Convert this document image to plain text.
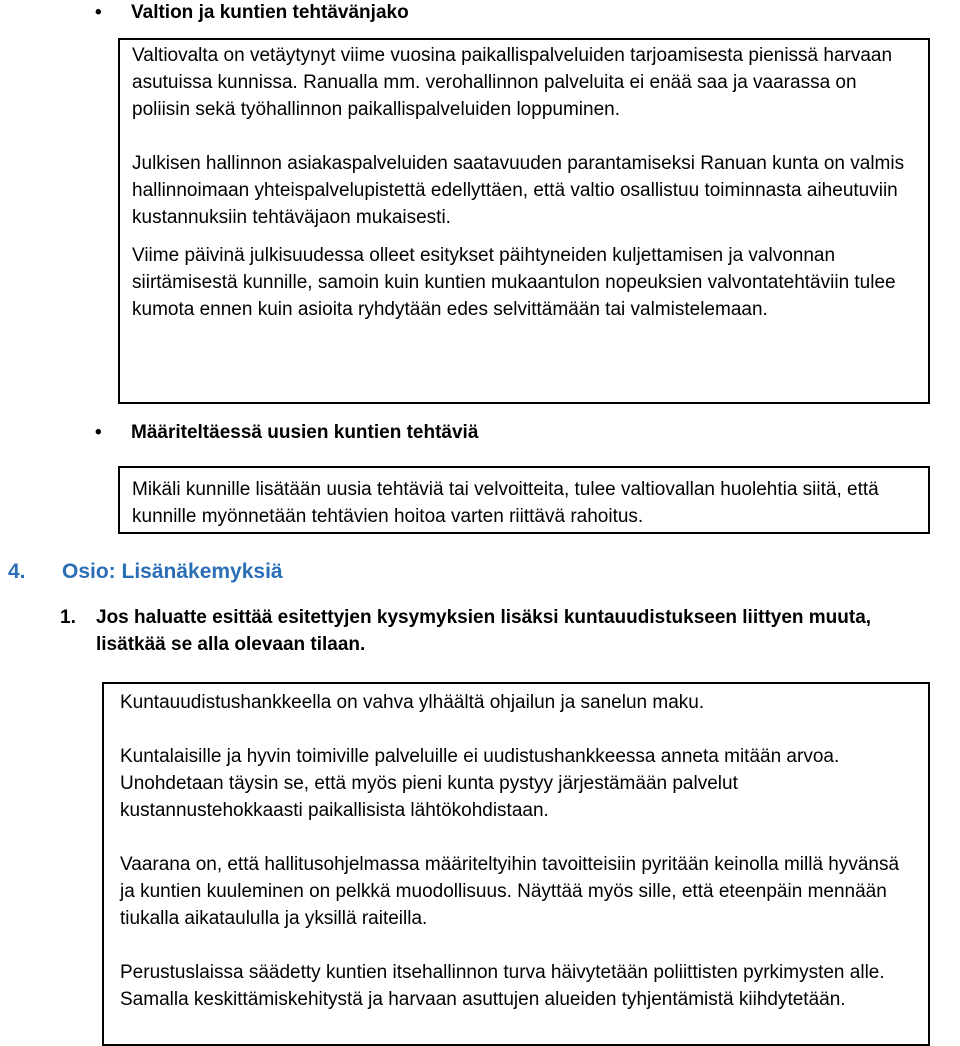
•	Valtion ja kuntien tehtävänjako

Valtiovalta on vetäytynyt viime vuosina paikallispalveluiden tarjoamisesta pienissä harvaan asutuissa kunnissa. Ranualla mm. verohallinnon palveluita ei enää saa ja vaarassa on poliisin sekä työhallinnon paikallispalveluiden loppuminen.

Julkisen hallinnon asiakaspalveluiden saatavuuden parantamiseksi Ranuan kunta on valmis hallinnoimaan yhteispalvelupistettä edellyttäen, että valtio osallistuu toiminnasta aiheutuviin kustannuksiin tehtäväjaon mukaisesti.

Viime päivinä julkisuudessa olleet esitykset päihtyneiden kuljettamisen ja valvonnan siirtämisestä kunnille, samoin kuin kuntien mukaantulon nopeuksien valvontatehtäviin tulee kumota ennen kuin asioita ryhdytään edes selvittämään tai valmistelemaan.

•	Määriteltäessä uusien kuntien tehtäviä

Mikäli kunnille lisätään uusia tehtäviä tai velvoitteita, tulee valtiovallan huolehtia siitä, että kunnille myönnetään tehtävien hoitoa varten riittävä rahoitus.

4. Osio: Lisänäkemyksiä
1. Jos haluatte esittää esitettyjen kysymyksien lisäksi kuntauudistukseen liittyen muuta, lisätkää se alla olevaan tilaan.

Kuntauudistushankkeella on vahva ylhäältä ohjailun ja sanelun maku.

Kuntalaisille ja hyvin toimiville palveluille ei uudistushankkeessa anneta mitään arvoa. Unohdetaan täysin se, että myös pieni kunta pystyy järjestämään palvelut kustannustehokkaasti paikallisista lähtökohdistaan.

Vaarana on, että hallitusohjelmassa määriteltyihin tavoitteisiin pyritään keinolla millä hyvänsä ja kuntien kuuleminen on pelkkä muodollisuus. Näyttää myös sille, että eteenpäin mennään tiukalla aikataululla ja yksillä raiteilla.

Perustuslaissa säädetty kuntien itsehallinnon turva häivytetään poliittisten pyrkimysten alle. Samalla keskittämiskehitystä ja harvaan asuttujen alueiden tyhjentämistä kiihdytetään.
